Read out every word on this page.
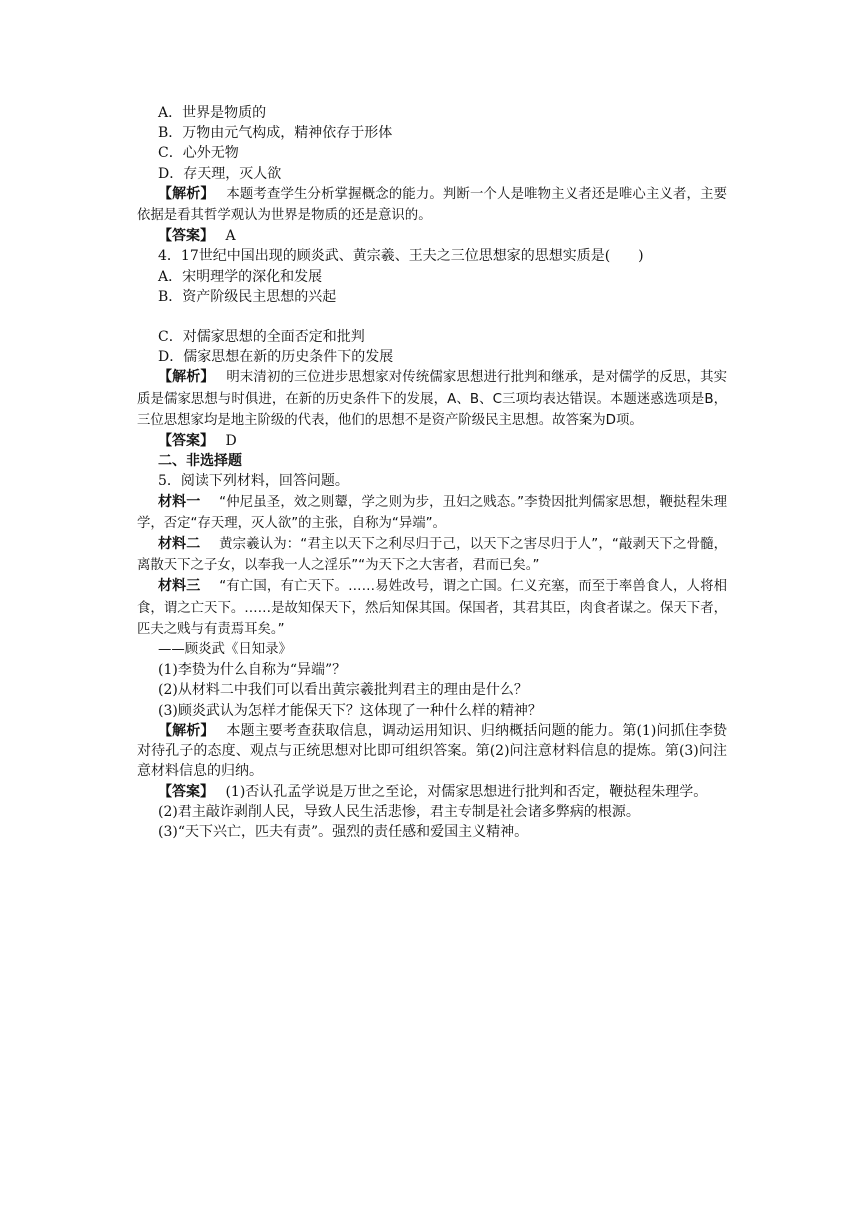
A．世界是物质的
B．万物由元气构成，精神依存于形体
C．心外无物
D．存天理，灭人欲
【解析】　 本题考查学生分析掌握概念的能力。判断一个人是唯物主义者还是唯心主义者，主要依据是看其哲学观认为世界是物质的还是意识的。
【答案】　 A
4．17世纪中国出现的顾炎武、黄宗羲、王夫之三位思想家的思想实质是(　　)
A．宋明理学的深化和发展
B．资产阶级民主思想的兴起
C．对儒家思想的全面否定和批判
D．儒家思想在新的历史条件下的发展
【解析】　 明末清初的三位进步思想家对传统儒家思想进行批判和继承，是对儒学的反思，其实质是儒家思想与时俱进，在新的历史条件下的发展，A、B、C三项均表达错误。本题迷惑选项是B，三位思想家均是地主阶级的代表，他们的思想不是资产阶级民主思想。故答案为D项。
【答案】　 D
二、非选择题
5．阅读下列材料，回答问题。
材料一　 “仲尼虽圣，效之则颦，学之则为步，丑妇之贱态。”李贽因批判儒家思想，鞭挞程朱理学，否定“存天理，灭人欲”的主张，自称为“异端”。
材料二　 黄宗羲认为：“君主以天下之利尽归于己，以天下之害尽归于人”，“敲剥天下之骨髓，离散天下之子女，以奉我一人之淫乐”“为天下之大害者，君而已矣。”
材料三　 “有亡国，有亡天下。……易姓改号，谓之亡国。仁义充塞，而至于率兽食人，人将相食，谓之亡天下。……是故知保天下，然后知保其国。保国者，其君其臣，肉食者谋之。保天下者，匹夫之贱与有责焉耳矣。”
——顾炎武《日知录》
(1)李贽为什么自称为“异端”？
(2)从材料二中我们可以看出黄宗羲批判君主的理由是什么？
(3)顾炎武认为怎样才能保天下？这体现了一种什么样的精神？
【解析】　 本题主要考查获取信息，调动运用知识、归纳概括问题的能力。第(1)问抓住李贽对待孔子的态度、观点与正统思想对比即可组织答案。第(2)问注意材料信息的提炼。第(3)问注意材料信息的归纳。
【答案】　 (1)否认孔孟学说是万世之至论，对儒家思想进行批判和否定，鞭挞程朱理学。
(2)君主敲诈剥削人民，导致人民生活悲惨，君主专制是社会诸多弊病的根源。
(3)“天下兴亡，匹夫有责”。强烈的责任感和爱国主义精神。
